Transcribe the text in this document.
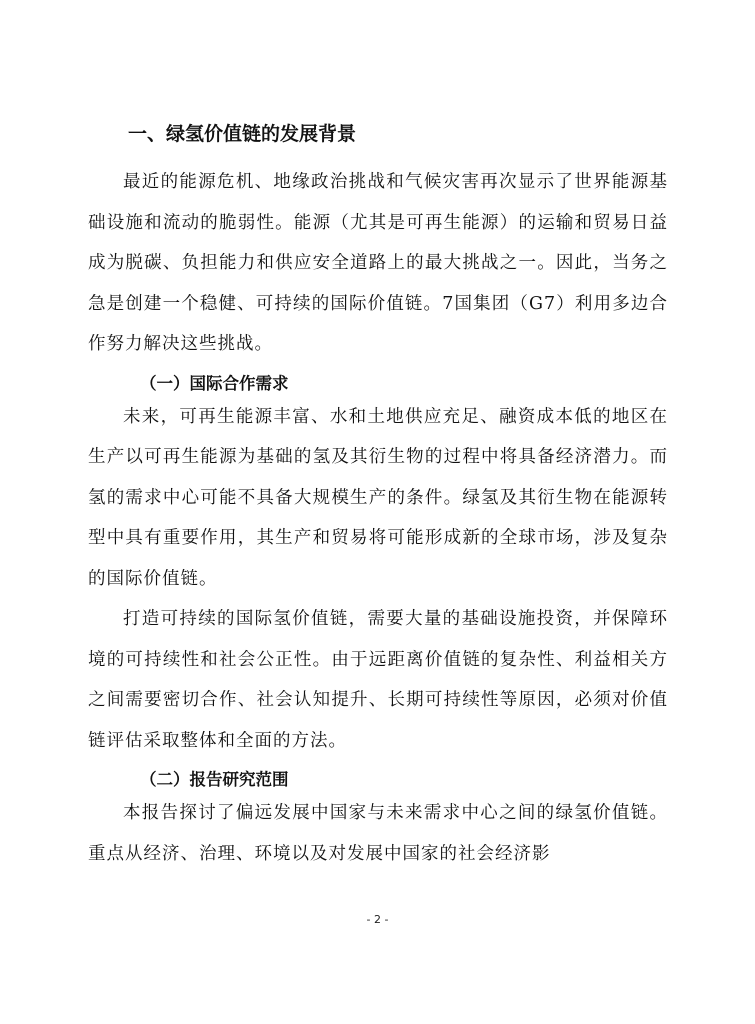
一、绿氢价值链的发展背景

最近的能源危机、地缘政治挑战和气候灾害再次显示了世界能源基础设施和流动的脆弱性。能源（尤其是可再生能源）的运输和贸易日益成为脱碳、负担能力和供应安全道路上的最大挑战之一。因此，当务之急是创建一个稳健、可持续的国际价值链。7国集团（G7）利用多边合作努力解决这些挑战。

（一）国际合作需求

未来，可再生能源丰富、水和土地供应充足、融资成本低的地区在生产以可再生能源为基础的氢及其衍生物的过程中将具备经济潜力。而氢的需求中心可能不具备大规模生产的条件。绿氢及其衍生物在能源转型中具有重要作用，其生产和贸易将可能形成新的全球市场，涉及复杂的国际价值链。

打造可持续的国际氢价值链，需要大量的基础设施投资，并保障环境的可持续性和社会公正性。由于远距离价值链的复杂性、利益相关方之间需要密切合作、社会认知提升、长期可持续性等原因，必须对价值链评估采取整体和全面的方法。

（二）报告研究范围

本报告探讨了偏远发展中国家与未来需求中心之间的绿氢价值链。重点从经济、治理、环境以及对发展中国家的社会经济影

- 2 -
